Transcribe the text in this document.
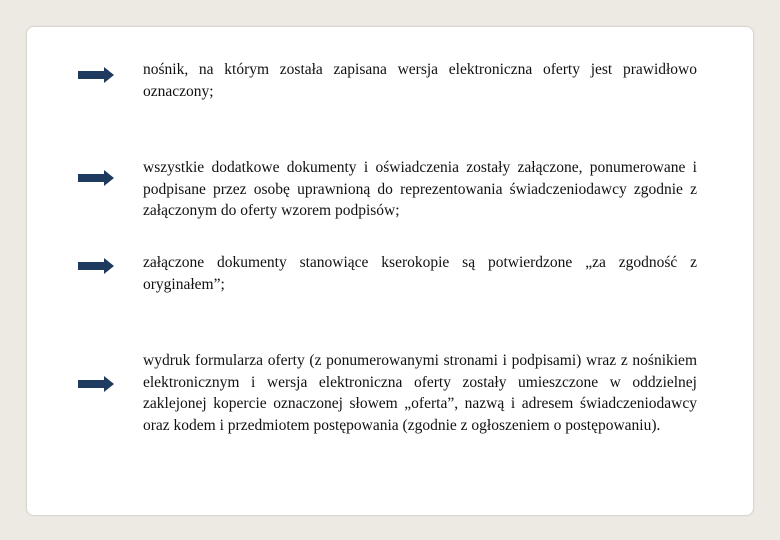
nośnik, na którym została zapisana wersja elektroniczna oferty jest prawidłowo oznaczony;
wszystkie dodatkowe dokumenty i oświadczenia zostały załączone, ponumerowane i podpisane przez osobę uprawnioną do reprezentowania świadczeniodawcy zgodnie z załączonym do oferty wzorem podpisów;
załączone dokumenty stanowiące kserokopie są potwierdzone „za zgodność z oryginałem”;
wydruk formularza oferty (z ponumerowanymi stronami i podpisami) wraz z nośnikiem elektronicznym i wersja elektroniczna oferty zostały umieszczone w oddzielnej zaklejonej kopercie oznaczonej słowem „oferta”, nazwą i adresem świadczeniodawcy oraz kodem i przedmiotem postępowania (zgodnie z ogłoszeniem o postępowaniu).
